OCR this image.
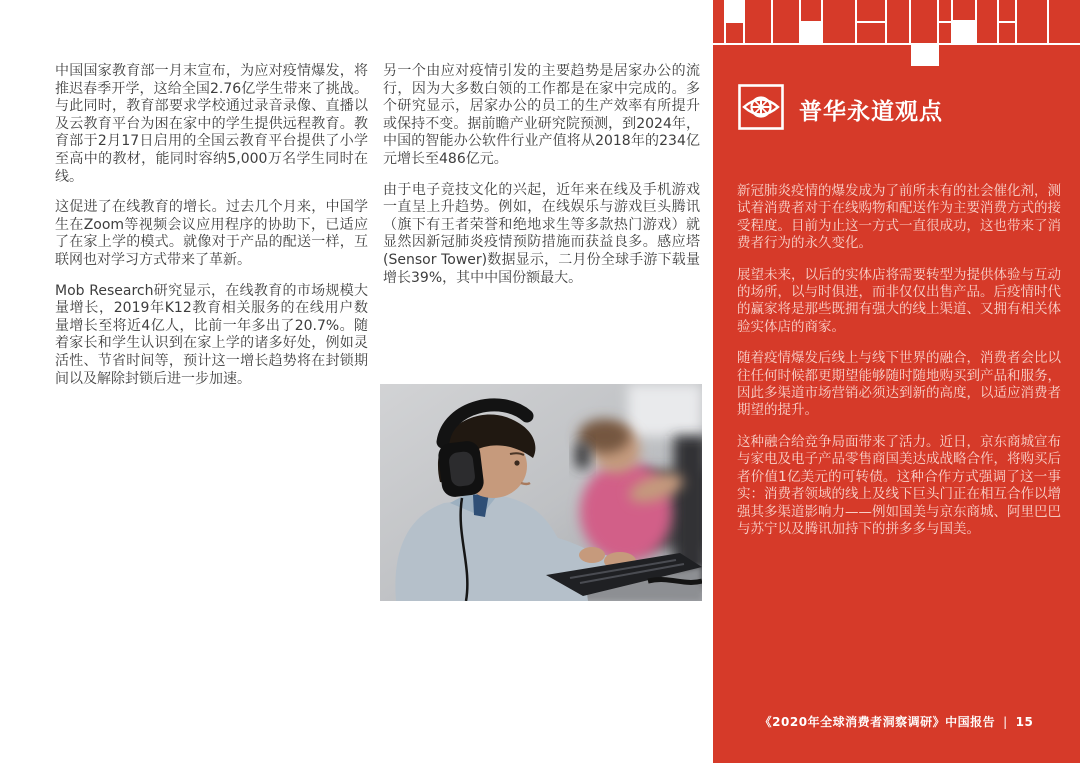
中国国家教育部一月末宣布，为应对疫情爆发，将推迟春季开学，这给全国2.76亿学生带来了挑战。与此同时，教育部要求学校通过录音录像、直播以及云教育平台为困在家中的学生提供远程教育。教育部于2月17日启用的全国云教育平台提供了小学至高中的教材，能同时容纳5,000万名学生同时在线。

这促进了在线教育的增长。过去几个月来，中国学生在Zoom等视频会议应用程序的协助下，已适应了在家上学的模式。就像对于产品的配送一样，互联网也对学习方式带来了革新。

Mob Research研究显示，在线教育的市场规模大量增长，2019年K12教育相关服务的在线用户数量增长至将近4亿人，比前一年多出了20.7%。随着家长和学生认识到在家上学的诸多好处，例如灵活性、节省时间等，预计这一增长趋势将在封锁期间以及解除封锁后进一步加速。

另一个由应对疫情引发的主要趋势是居家办公的流行，因为大多数白领的工作都是在家中完成的。多个研究显示，居家办公的员工的生产效率有所提升或保持不变。据前瞻产业研究院预测，到2024年，中国的智能办公软件行业产值将从2018年的234亿元增长至486亿元。

由于电子竞技文化的兴起，近年来在线及手机游戏一直呈上升趋势。例如，在线娱乐与游戏巨头腾讯（旗下有王者荣誉和绝地求生等多款热门游戏）就显然因新冠肺炎疫情预防措施而获益良多。感应塔(Sensor Tower)数据显示，二月份全球手游下载量增长39%，其中中国份额最大。

普华永道观点

新冠肺炎疫情的爆发成为了前所未有的社会催化剂，测试着消费者对于在线购物和配送作为主要消费方式的接受程度。目前为止这一方式一直很成功，这也带来了消费者行为的永久变化。

展望未来，以后的实体店将需要转型为提供体验与互动的场所，以与时俱进，而非仅仅出售产品。后疫情时代的赢家将是那些既拥有强大的线上渠道、又拥有相关体验实体店的商家。

随着疫情爆发后线上与线下世界的融合，消费者会比以往任何时候都更期望能够随时随地购买到产品和服务，因此多渠道市场营销必须达到新的高度，以适应消费者期望的提升。

这种融合给竞争局面带来了活力。近日，京东商城宣布与家电及电子产品零售商国美达成战略合作，将购买后者价值1亿美元的可转债。这种合作方式强调了这一事实：消费者领域的线上及线下巨头门正在相互合作以增强其多渠道影响力——例如国美与京东商城、阿里巴巴与苏宁以及腾讯加持下的拼多多与国美。

《2020年全球消费者洞察调研》中国报告 | 15
